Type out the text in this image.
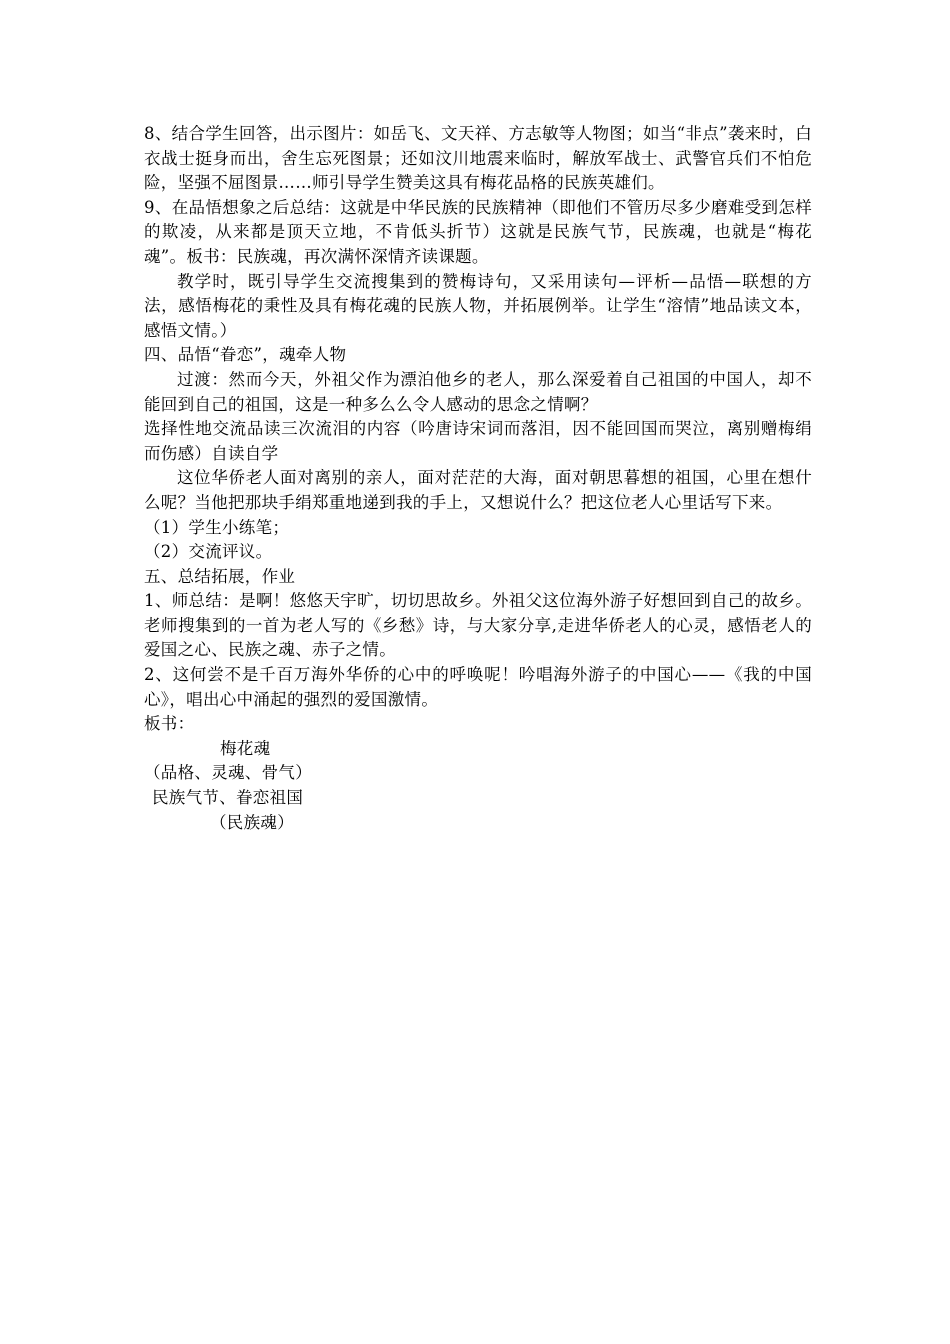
8、结合学生回答，出示图片：如岳飞、文天祥、方志敏等人物图；如当“非点”袭来时，白衣战士挺身而出，舍生忘死图景；还如汶川地震来临时，解放军战士、武警官兵们不怕危险，坚强不屈图景……师引导学生赞美这具有梅花品格的民族英雄们。

9、在品悟想象之后总结：这就是中华民族的民族精神（即他们不管历尽多少磨难受到怎样的欺凌，从来都是顶天立地，不肯低头折节）这就是民族气节，民族魂，也就是“梅花魂”。板书：民族魂，再次满怀深情齐读课题。

教学时，既引导学生交流搜集到的赞梅诗句，又采用读句—评析—品悟—联想的方法，感悟梅花的秉性及具有梅花魂的民族人物，并拓展例举。让学生“溶情”地品读文本，感悟文情。）

四、品悟“眷恋”，魂牵人物

过渡：然而今天，外祖父作为漂泊他乡的老人，那么深爱着自己祖国的中国人，却不能回到自己的祖国，这是一种多么么令人感动的思念之情啊？

选择性地交流品读三次流泪的内容（吟唐诗宋词而落泪，因不能回国而哭泣，离别赠梅绢而伤感）自读自学

这位华侨老人面对离别的亲人，面对茫茫的大海，面对朝思暮想的祖国，心里在想什么呢？当他把那块手绢郑重地递到我的手上，又想说什么？把这位老人心里话写下来。

（1）学生小练笔；

（2）交流评议。

五、总结拓展，作业

1、师总结：是啊！悠悠天宇旷，切切思故乡。外祖父这位海外游子好想回到自己的故乡。老师搜集到的一首为老人写的《乡愁》诗，与大家分享,走进华侨老人的心灵，感悟老人的爱国之心、民族之魂、赤子之情。

2、这何尝不是千百万海外华侨的心中的呼唤呢！吟唱海外游子的中国心——《我的中国心》，唱出心中涌起的强烈的爱国激情。

板书：

梅花魂

（品格、灵魂、骨气）

民族气节、眷恋祖国

（民族魂）
